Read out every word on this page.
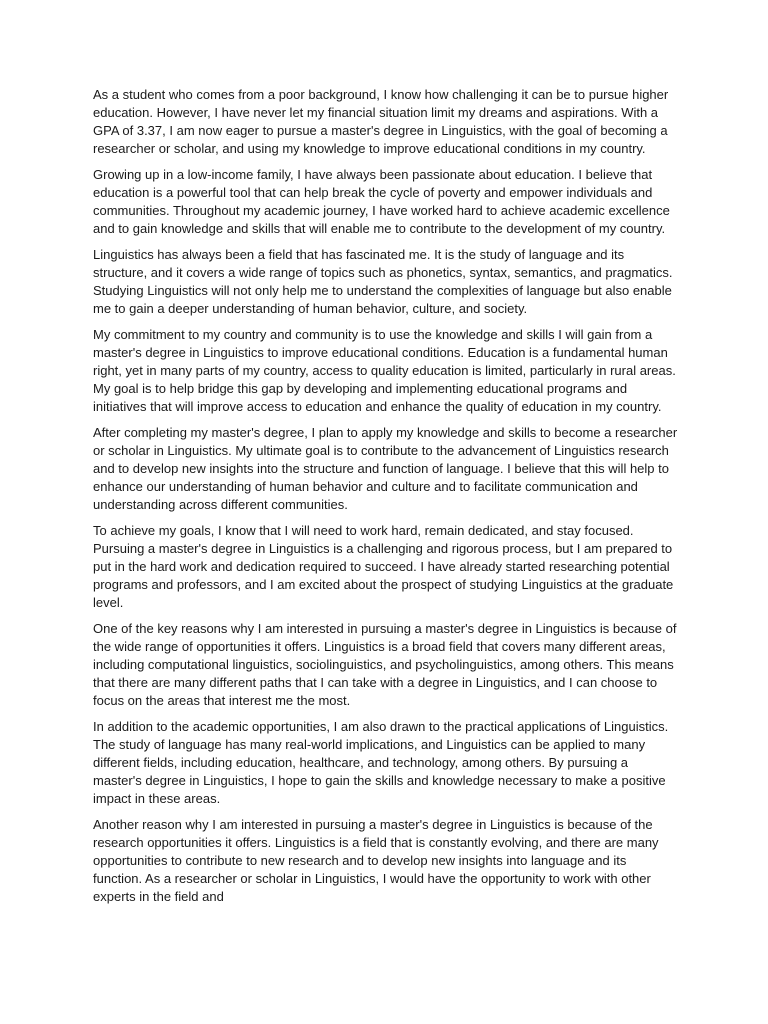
As a student who comes from a poor background, I know how challenging it can be to pursue higher education. However, I have never let my financial situation limit my dreams and aspirations. With a GPA of 3.37, I am now eager to pursue a master's degree in Linguistics, with the goal of becoming a researcher or scholar, and using my knowledge to improve educational conditions in my country.

Growing up in a low-income family, I have always been passionate about education. I believe that education is a powerful tool that can help break the cycle of poverty and empower individuals and communities. Throughout my academic journey, I have worked hard to achieve academic excellence and to gain knowledge and skills that will enable me to contribute to the development of my country.

Linguistics has always been a field that has fascinated me. It is the study of language and its structure, and it covers a wide range of topics such as phonetics, syntax, semantics, and pragmatics. Studying Linguistics will not only help me to understand the complexities of language but also enable me to gain a deeper understanding of human behavior, culture, and society.

My commitment to my country and community is to use the knowledge and skills I will gain from a master's degree in Linguistics to improve educational conditions. Education is a fundamental human right, yet in many parts of my country, access to quality education is limited, particularly in rural areas. My goal is to help bridge this gap by developing and implementing educational programs and initiatives that will improve access to education and enhance the quality of education in my country.

After completing my master's degree, I plan to apply my knowledge and skills to become a researcher or scholar in Linguistics. My ultimate goal is to contribute to the advancement of Linguistics research and to develop new insights into the structure and function of language. I believe that this will help to enhance our understanding of human behavior and culture and to facilitate communication and understanding across different communities.

To achieve my goals, I know that I will need to work hard, remain dedicated, and stay focused. Pursuing a master's degree in Linguistics is a challenging and rigorous process, but I am prepared to put in the hard work and dedication required to succeed. I have already started researching potential programs and professors, and I am excited about the prospect of studying Linguistics at the graduate level.

One of the key reasons why I am interested in pursuing a master's degree in Linguistics is because of the wide range of opportunities it offers. Linguistics is a broad field that covers many different areas, including computational linguistics, sociolinguistics, and psycholinguistics, among others. This means that there are many different paths that I can take with a degree in Linguistics, and I can choose to focus on the areas that interest me the most.

In addition to the academic opportunities, I am also drawn to the practical applications of Linguistics. The study of language has many real-world implications, and Linguistics can be applied to many different fields, including education, healthcare, and technology, among others. By pursuing a master's degree in Linguistics, I hope to gain the skills and knowledge necessary to make a positive impact in these areas.

Another reason why I am interested in pursuing a master's degree in Linguistics is because of the research opportunities it offers. Linguistics is a field that is constantly evolving, and there are many opportunities to contribute to new research and to develop new insights into language and its function. As a researcher or scholar in Linguistics, I would have the opportunity to work with other experts in the field and
